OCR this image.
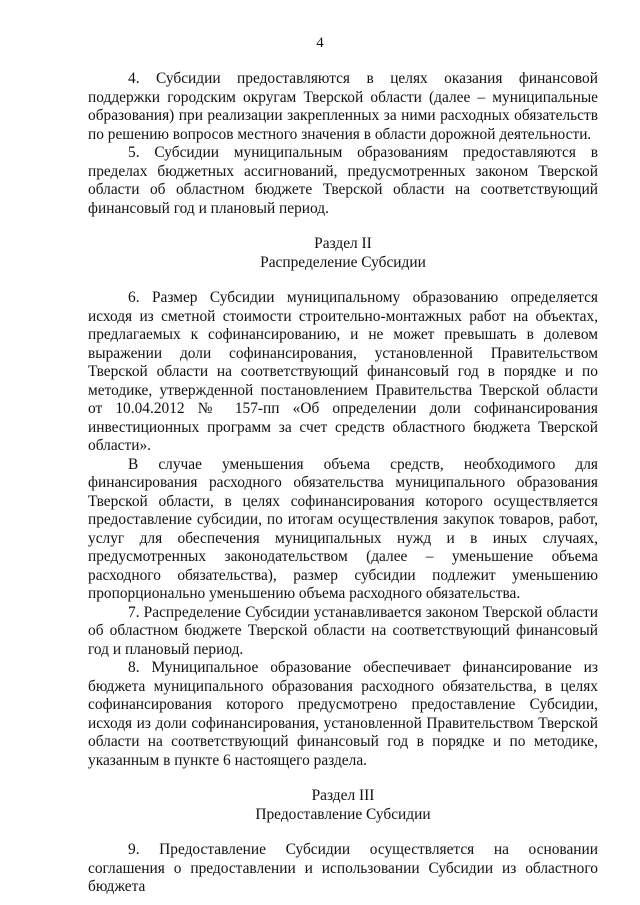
4

4. Субсидии предоставляются в целях оказания финансовой поддержки городским округам Тверской области (далее – муниципальные образования) при реализации закрепленных за ними расходных обязательств по решению вопросов местного значения в области дорожной деятельности.

5. Субсидии муниципальным образованиям предоставляются в пределах бюджетных ассигнований, предусмотренных законом Тверской области об областном бюджете Тверской области на соответствующий финансовый год и плановый период.

Раздел II

Распределение Субсидии

6. Размер Субсидии муниципальному образованию определяется исходя из сметной стоимости строительно-монтажных работ на объектах, предлагаемых к софинансированию, и не может превышать в долевом выражении доли софинансирования, установленной Правительством Тверской области на соответствующий финансовый год в порядке и по методике, утвержденной постановлением Правительства Тверской области от 10.04.2012 № 157-пп «Об определении доли софинансирования инвестиционных программ за счет средств областного бюджета Тверской области».

В случае уменьшения объема средств, необходимого для финансирования расходного обязательства муниципального образования Тверской области, в целях софинансирования которого осуществляется предоставление субсидии, по итогам осуществления закупок товаров, работ, услуг для обеспечения муниципальных нужд и в иных случаях, предусмотренных законодательством (далее – уменьшение объема расходного обязательства), размер субсидии подлежит уменьшению пропорционально уменьшению объема расходного обязательства.

7. Распределение Субсидии устанавливается законом Тверской области об областном бюджете Тверской области на соответствующий финансовый год и плановый период.

8. Муниципальное образование обеспечивает финансирование из бюджета муниципального образования расходного обязательства, в целях софинансирования которого предусмотрено предоставление Субсидии, исходя из доли софинансирования, установленной Правительством Тверской области на соответствующий финансовый год в порядке и по методике, указанным в пункте 6 настоящего раздела.

Раздел III

Предоставление Субсидии

9. Предоставление Субсидии осуществляется на основании соглашения о предоставлении и использовании Субсидии из областного бюджета
